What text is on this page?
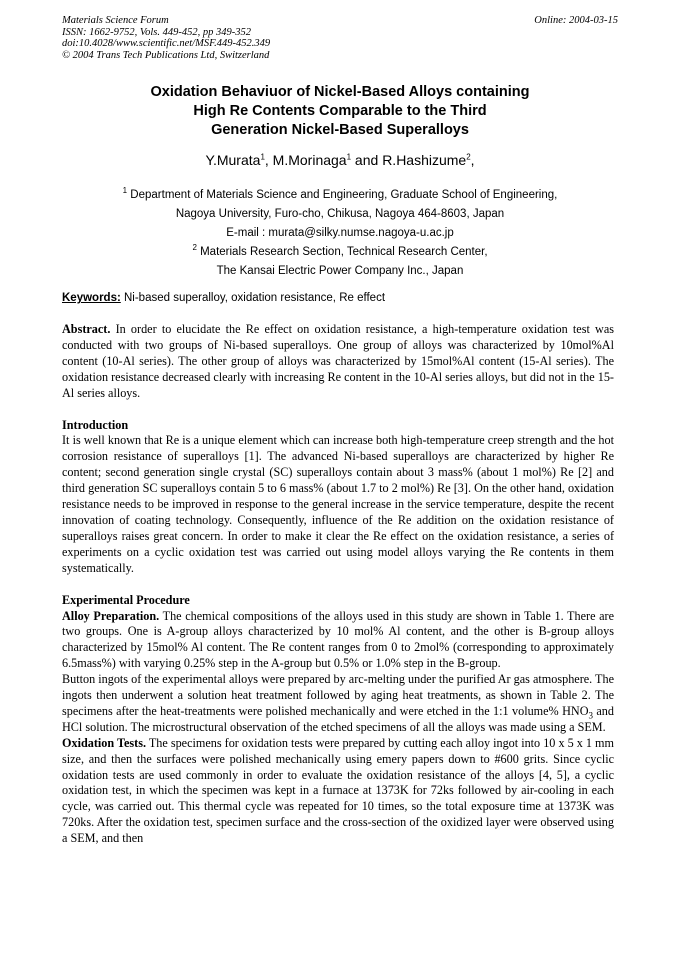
Materials Science Forum
ISSN: 1662-9752, Vols. 449-452, pp 349-352
doi:10.4028/www.scientific.net/MSF.449-452.349
© 2004 Trans Tech Publications Ltd, Switzerland
Online: 2004-03-15
Oxidation Behaviuor of Nickel-Based Alloys containing
High Re Contents Comparable to the Third
Generation Nickel-Based Superalloys
Y.Murata$^1$, M.Morinaga$^1$ and R.Hashizume$^2$,
$^1$ Department of Materials Science and Engineering, Graduate School of Engineering,
Nagoya University, Furo-cho, Chikusa, Nagoya 464-8603, Japan
E-mail : murata@silky.numse.nagoya-u.ac.jp
$^2$ Materials Research Section, Technical Research Center,
The Kansai Electric Power Company Inc., Japan
Keywords: Ni-based superalloy, oxidation resistance, Re effect

Abstract. In order to elucidate the Re effect on oxidation resistance, a high-temperature oxidation test was conducted with two groups of Ni-based superalloys. One group of alloys was characterized by 10mol%Al content (10-Al series). The other group of alloys was characterized by 15mol%Al content (15-Al series). The oxidation resistance decreased clearly with increasing Re content in the 10-Al series alloys, but did not in the 15-Al series alloys.

Introduction

It is well known that Re is a unique element which can increase both high-temperature creep strength and the hot corrosion resistance of superalloys [1]. The advanced Ni-based superalloys are characterized by higher Re content; second generation single crystal (SC) superalloys contain about 3 mass% (about 1 mol%) Re [2] and third generation SC superalloys contain 5 to 6 mass% (about 1.7 to 2 mol%) Re [3]. On the other hand, oxidation resistance needs to be improved in response to the general increase in the service temperature, despite the recent innovation of coating technology. Consequently, influence of the Re addition on the oxidation resistance of superalloys raises great concern. In order to make it clear the Re effect on the oxidation resistance, a series of experiments on a cyclic oxidation test was carried out using model alloys varying the Re contents in them systematically.

Experimental Procedure

Alloy Preparation. The chemical compositions of the alloys used in this study are shown in Table 1. There are two groups. One is A-group alloys characterized by 10 mol% Al content, and the other is B-group alloys characterized by 15mol% Al content. The Re content ranges from 0 to 2mol% (corresponding to approximately 6.5mass%) with varying 0.25% step in the A-group but 0.5% or 1.0% step in the B-group.

Button ingots of the experimental alloys were prepared by arc-melting under the purified Ar gas atmosphere. The ingots then underwent a solution heat treatment followed by aging heat treatments, as shown in Table 2. The specimens after the heat-treatments were polished mechanically and were etched in the 1:1 volume% $HNO_3$ and HCl solution. The microstructural observation of the etched specimens of all the alloys was made using a SEM.

Oxidation Tests. The specimens for oxidation tests were prepared by cutting each alloy ingot into 10 x 5 x 1 mm size, and then the surfaces were polished mechanically using emery papers down to #600 grits. Since cyclic oxidation tests are used commonly in order to evaluate the oxidation resistance of the alloys [4, 5], a cyclic oxidation test, in which the specimen was kept in a furnace at 1373K for 72ks followed by air-cooling in each cycle, was carried out. This thermal cycle was repeated for 10 times, so the total exposure time at 1373K was 720ks. After the oxidation test, specimen surface and the cross-section of the oxidized layer were observed using a SEM, and then
